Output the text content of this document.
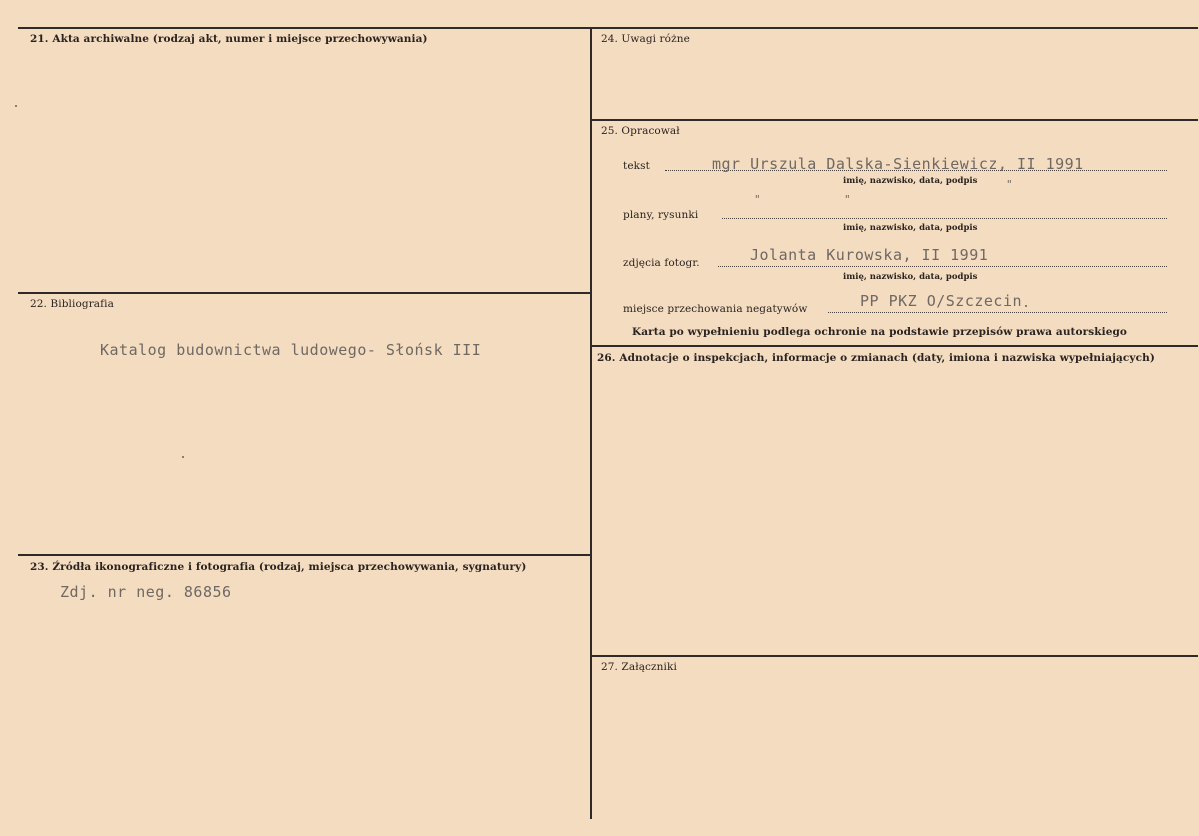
21. Akta archiwalne (rodzaj akt, numer i miejsce przechowywania)
22. Bibliografia
Katalog budownictwa ludowego- Słońsk III
23. Źródła ikonograficzne i fotografia (rodzaj, miejsca przechowywania, sygnatury)
Zdj. nr neg. 86856
24. Uwagi różne
25. Opracował
tekst	mgr Urszula Dalska-Sienkiewicz, II 1991
imię, nazwisko, data, podpis	"
"	"
plany, rysunki
imię, nazwisko, data, podpis
zdjęcia fotogr.	Jolanta Kurowska, II 1991
imię, nazwisko, data, podpis
miejsce przechowania negatywów	PP PKZ O/Szczecin
Karta po wypełnieniu podlega ochronie na podstawie przepisów prawa autorskiego
26. Adnotacje o inspekcjach, informacje o zmianach (daty, imiona i nazwiska wypełniających)
27. Załączniki
